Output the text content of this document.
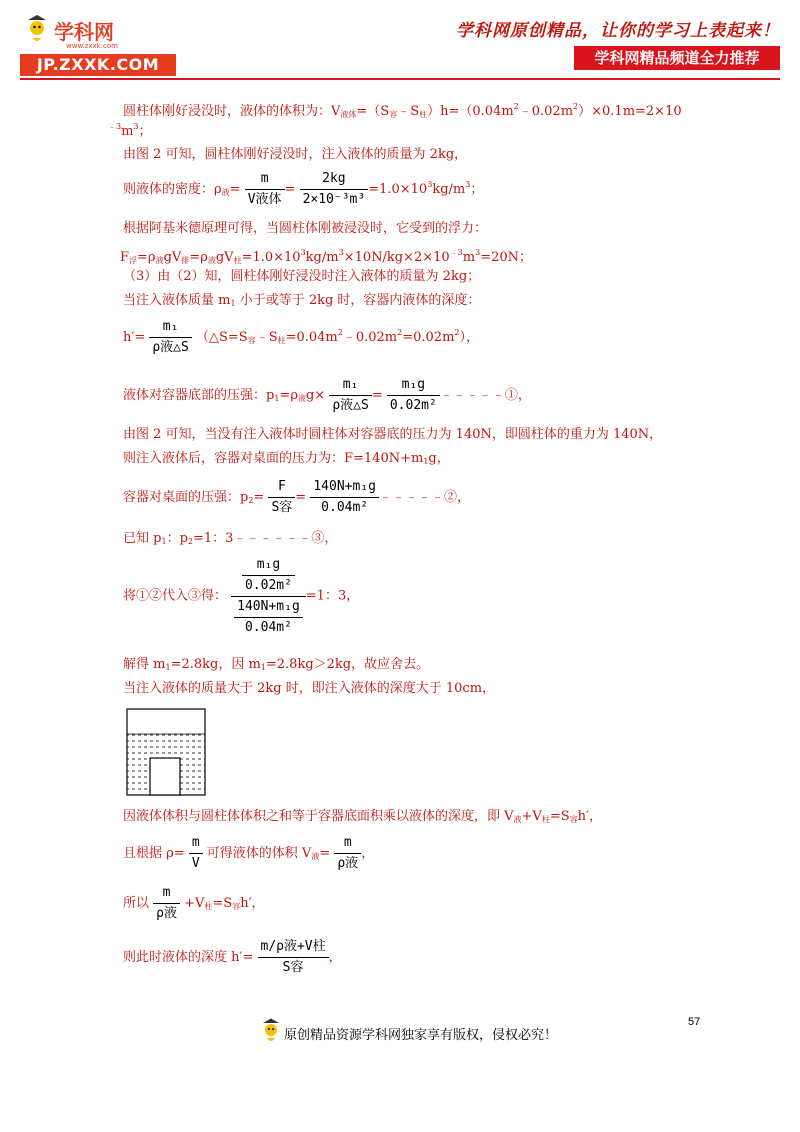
学科网
www.zxxk.com
JP.ZXXK.COM
学科网原创精品，让你的学习上表起来！
学科网精品频道全力推荐
圆柱体刚好浸没时，液体的体积为：$V_{液体}=(S_容﹣S_柱)h=(0.04m^2﹣0.02m^2)\times 0.1m=2\times 10$
$^{﹣3}m^3$；
由图 2 可知，圆柱体刚好浸没时，注入液体的质量为 2kg，
则液体的密度：$\rho_液= \frac{m}{\text{V液体}} = \frac{2kg}{\text{2×10⁻³m³}} =1.0\times 10^3kg/m^3$；
根据阿基米德原理可得，当圆柱体刚被浸没时，它受到的浮力：
$F_浮=\rho_液gV_排=\rho_液gV_柱=1.0\times 10^3kg/m^3\times 10N/kg\times 2\times 10^{﹣3}m^3=20N$；
（3）由（2）知，圆柱体刚好浸没时注入液体的质量为 2kg；
当注入液体质量 $m_1$ 小于或等于 2kg 时，容器内液体的深度：
$h'= \frac{\text{m₁}}{\text{ρ液△S}}$ $(\triangle S=S_容﹣S_柱=0.04m^2﹣0.02m^2=0.02m^2)$，
液体对容器底部的压强：$p_1=\rho_液g\times \frac{\text{m₁}}{\text{ρ液△S}} = \frac{\text{m₁g}}{\text{0.02m²}}$ ﹣﹣﹣﹣﹣①，
由图 2 可知，当没有注入液体时圆柱体对容器底的压力为 140N，即圆柱体的重力为 140N，
则注入液体后，容器对桌面的压力为：$F=140N+m_1g$，
容器对桌面的压强：$p_2= \frac{F}{\text{S容}} = \frac{\text{140N+m₁g}}{\text{0.04m²}}$ ﹣﹣﹣﹣﹣②，
已知 $p_1$：$p_2=1$：3﹣﹣﹣﹣﹣﹣③，
将①②代入③得： $\frac{\frac{\text{m₁g}}{\text{0.02m²}}}{\frac{\text{140N+m₁g}}{\text{0.04m²}}} =1$：3，
解得 $m_1=2.8kg$，因 $m_1=2.8kg>2kg$，故应舍去。
当注入液体的质量大于 2kg 时，即注入液体的深度大于 10cm，
因液体体积与圆柱体体积之和等于容器底面积乘以液体的深度，即 $V_液+V_柱=S_容h'$，
且根据 $\rho= \frac{m}{V}$ 可得液体的体积 $V_液= \frac{m}{\text{ρ液}}$ ，
所以 $\frac{m}{\text{ρ液}} +V_柱=S_容h'$，
则此时液体的深度 $h'= \frac{\text{m/ρ液+V柱}}{\text{S容}}$ ，
57
原创精品资源学科网独家享有版权，侵权必究！
